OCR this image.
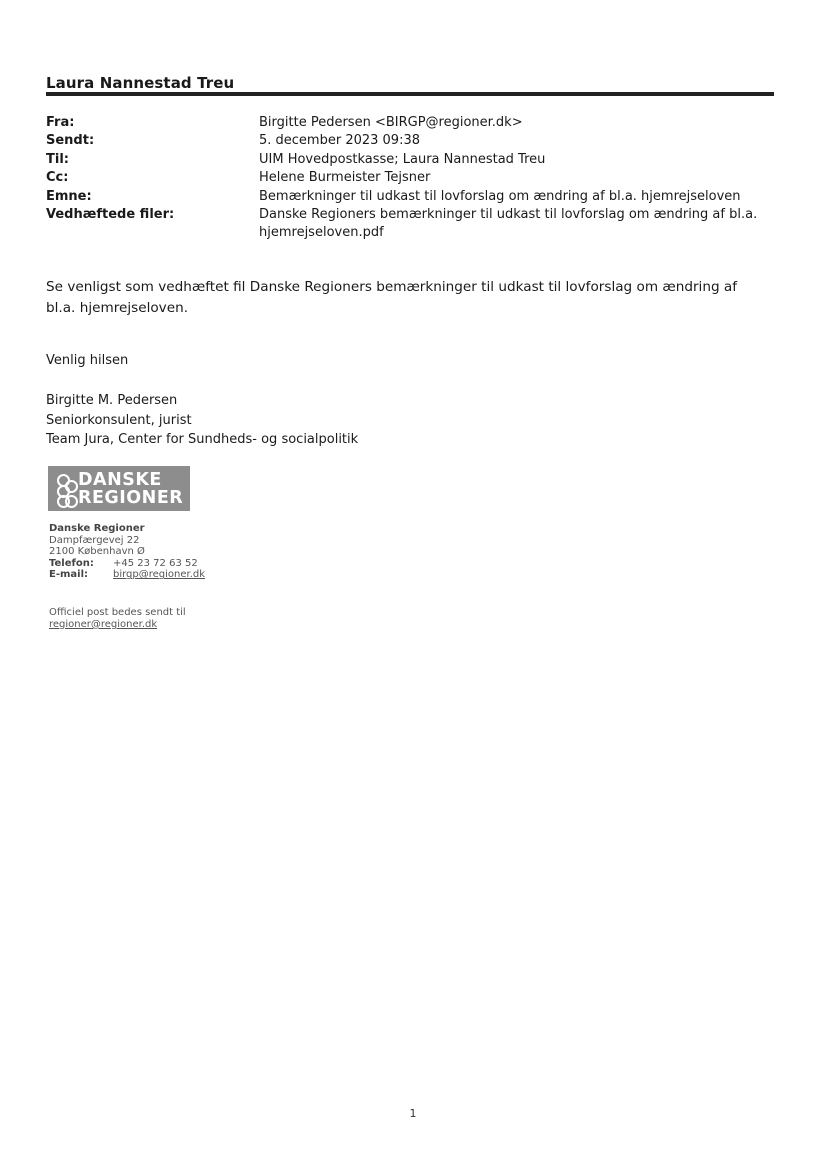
Laura Nannestad Treu
Fra:	Birgitte Pedersen <BIRGP@regioner.dk>
Sendt:	5. december 2023 09:38
Til:	UIM Hovedpostkasse; Laura Nannestad Treu
Cc:	Helene Burmeister Tejsner
Emne:	Bemærkninger til udkast til lovforslag om ændring af bl.a. hjemrejseloven
Vedhæftede filer:	Danske Regioners bemærkninger til udkast til lovforslag om ændring af bl.a. hjemrejseloven.pdf
Se venligst som vedhæftet fil Danske Regioners bemærkninger til udkast til lovforslag om ændring af bl.a. hjemrejseloven.
Venlig hilsen
Birgitte M. Pedersen
Seniorkonsulent, jurist
Team Jura, Center for Sundheds- og socialpolitik
DANSKE
REGIONER
Danske Regioner
Dampfærgevej 22
2100 København Ø
Telefon: +45 23 72 63 52
E-mail: birgp@regioner.dk
Officiel post bedes sendt til
regioner@regioner.dk
1
